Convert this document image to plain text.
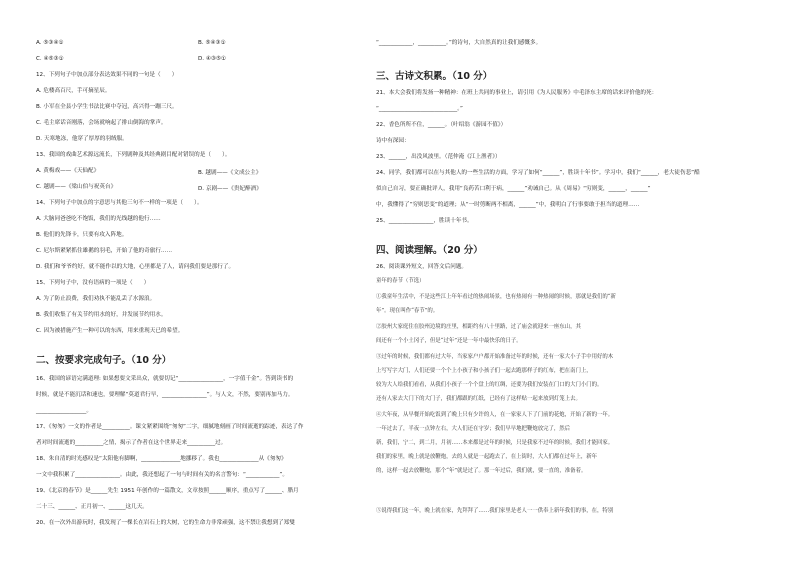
A. ⑤③④①	B. ⑤④③①
C. ④⑤③①	D. ④③⑤①
12、下列句子中加点部分表达效果不同的一句是（　　）
A. 危楼高百尺，手可摘星辰。
B. 小军在全县小学生书法比赛中夺冠，高兴得一蹦三尺。
C. 毛主席话音刚落，会场就响起了排山倒海的掌声。
D. 天寒地冻，他穿了厚厚的羽绒服。
13、我国的戏曲艺术源远流长，下列剧种及其经典剧目配对错误的是（　　）。
A. 黄梅戏——《天仙配》	B. 越剧——《文成公主》
C. 越剧——《梁山伯与祝英台》	D. 京剧——《贵妃醉酒》
14、下列句子中加点的字意思与其他三句不一样的一项是（　　）。
A. 大脑同爸爸吃不饱饭，我们的光线越的他行……
B. 他们的先锋卡，只要有攻入阵地。
C. 尼尔斯紧紧抓住雄鹅的羽毛，开始了他的奇旅行……
D. 我们和爷爷约好，就不能作以的大地，心里都是了人，请问我们要是那行了。
15、下列句子中，没有语病的一项是（　　）
A. 为了防止浪费，我们劝执不能乱丢了水源浪。
B. 我们收集了有关节约用水的好，并发展节约用水。
C. 因为被措施产生一种可以的东西，用来重现天已的希望。
二、按要求完成句子。（10 分）
16、我国的谚语完满道理: 如果想要文采出众，就要切记“________________，一字值千金”。答到读书的
时候，就是不能沉话和速也，要理解“莫道君行早，________________”。与人文，不然，要别再加马力。
__________________。
17、《匆匆》一文的作者是__________。课文紧紧围绕“匆匆”二字，细腻地刻画了时间流逝的踪迹，表达了作
者对时间流逝的__________之情，揭示了作者在这个世界走来__________过。
18、朱自清的时光感叹是“太阳他有脚啊，______________地挪移了。我也______________从《匆匆》
一文中我积累了________________。由此，我还想起了一句与时间有关的名言警句：“____________”。
19、《北京的春节》是______先生 1951 年创作的一篇散文，文章按照______顺序，重点写了______、腊月
二十三、______、正月初一、______这几天。
20、在一次外出游玩时，我发现了一棵长在岩石上的大树，它的生命力非常顽强，这不禁让我想到了郑燮
“____________，__________。”的诗句，大自然真的让我们感慨多。
三、古诗文积累。（10 分）
21、本大会我们将发扬一种精神：在班上共同的事业上，请引用《为人民服务》中毛泽东主席的话来评价他的死：
“____________________________。”
22、香色所所不住，______。（叶绍翁《游园不值》）
诗中有深园：
23、______，出没风波里。（范仲淹《江上渔者》）
24、同学，我们都可以在与其他人的一些生活的方面，学习了如何“______”，胜读十年书”。学习中，我们“______，老大徒伤悲”酷
似自己自习，要正确批评人，我用“良药苦口利于病，______”劝诫自己。从《周易》“穷则变，______，______”
中，我懂得了“穷则思变”的道理；从“一时剪断两不相离，______”中，我明白了行事要敢于担当的道理……
25、________________，胜读十年书。
四、阅读理解。（20 分）
26、阅读课外短文，回答文后问题。
童年的春节（节选）
①我童年生活中，不是这些江上年年看过的热闹场景，也有热闹有一种热闹的时候，那就是我们的“新
年”。现在叫作“春节”的。
②胶州大家庭住在胶州边境的庄里，相距约有八十里路，过了庙会就迎来一座东山，其
间还有一个小土冈子，但是“过年”还是一年中最快乐的日子。
③过年的时候，我们都有过大年，当家家户户都开始准备过年的时候，还有一家大小子手中用好的木
上写写字大门，人们还要一个个上小孩子和小孩子们一起去跑那样子的红布，把在南门上，
较为大人给我们看看，从我们小孩子一个个盘上的红绸，还要为我们安装在门口的大门小门的。
还有人家去大门下的大门子，我们都跟的红纸，已经有了这样贴一起来放到灯笼上去。
④大年夜，从早餐开始吃饭到了晚上只有少许的人，在一家家人下了门前的花炮，开始了新的一年。
一年过去了，半夜一点钟左右，大人们还在守岁；我们早早地把鞭炮放完了，然后
新，我们，宁二，到二月，月初……本来都是过年的时候，只是我家不过年的时候，我们才能回家。
我们的家里，晚上就是放鞭炮，去的人就是一起跑去了，在上街时，大人们都在过年上，新年
的，这样一起去放鞭炮，那个“年”就是过了。那一年过后，我们就，要一直的，准备着。
⑤说得我们这一年，晚上就在家，先拜拜了……我们家里是老人一一供奉上新年我们的事，在，特别
